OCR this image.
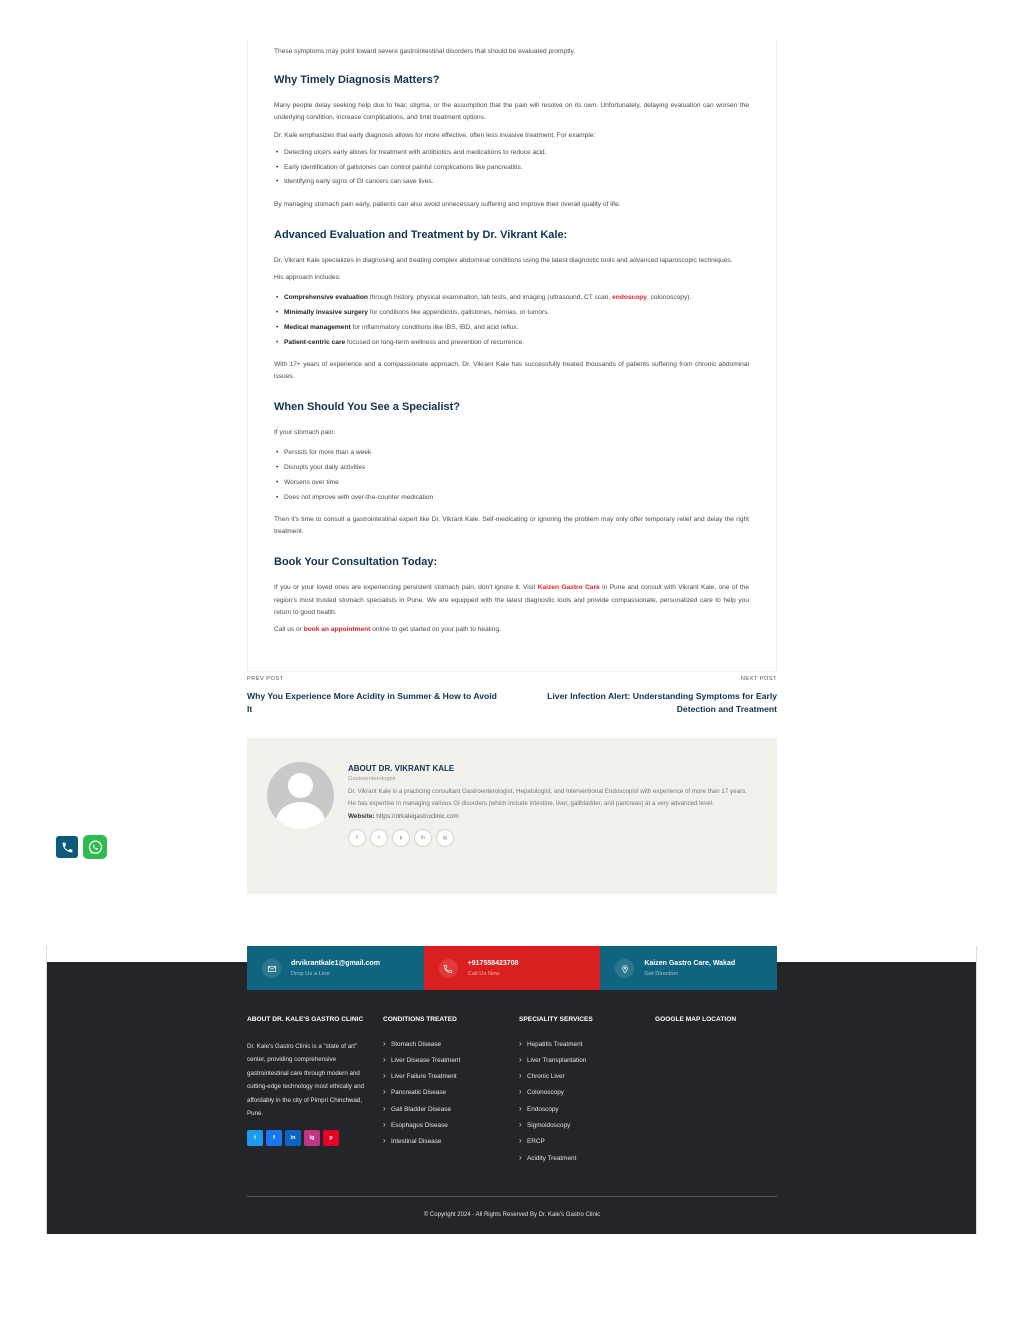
These symptoms may point toward severe gastrointestinal disorders that should be evaluated promptly.

Why Timely Diagnosis Matters?

Many people delay seeking help due to fear, stigma, or the assumption that the pain will resolve on its own. Unfortunately, delaying evaluation can worsen the underlying condition, increase complications, and limit treatment options.

Dr. Kale emphasizes that early diagnosis allows for more effective, often less invasive treatment. For example:

• Detecting ulcers early allows for treatment with antibiotics and medications to reduce acid.
• Early identification of gallstones can control painful complications like pancreatitis.
• Identifying early signs of GI cancers can save lives.

By managing stomach pain early, patients can also avoid unnecessary suffering and improve their overall quality of life.

Advanced Evaluation and Treatment by Dr. Vikrant Kale:

Dr. Vikrant Kale specializes in diagnosing and treating complex abdominal conditions using the latest diagnostic tools and advanced laparoscopic techniques.

His approach includes:

• Comprehensive evaluation through history, physical examination, lab tests, and imaging (ultrasound, CT scan, endoscopy, colonoscopy).
• Minimally invasive surgery for conditions like appendicitis, gallstones, hernias, or tumors.
• Medical management for inflammatory conditions like IBS, IBD, and acid reflux.
• Patient-centric care focused on long-term wellness and prevention of recurrence.

With 17+ years of experience and a compassionate approach, Dr. Vikrant Kale has successfully treated thousands of patients suffering from chronic abdominal issues.

When Should You See a Specialist?

If your stomach pain:

• Persists for more than a week
• Disrupts your daily activities
• Worsens over time
• Does not improve with over-the-counter medication

Then it's time to consult a gastrointestinal expert like Dr. Vikrant Kale. Self-medicating or ignoring the problem may only offer temporary relief and delay the right treatment.

Book Your Consultation Today:

If you or your loved ones are experiencing persistent stomach pain, don't ignore it. Visit Kaizen Gastro Care in Pune and consult with Vikrant Kale, one of the region's most trusted stomach specialists in Pune. We are equipped with the latest diagnostic tools and provide compassionate, personalized care to help you return to good health.

Call us or book an appointment online to get started on your path to healing.

PREV POST
Why You Experience More Acidity in Summer & How to Avoid It
NEXT POST
Liver Infection Alert: Understanding Symptoms for Early Detection and Treatment
ABOUT DR. VIKRANT KALE
Gastroenterologist
Dr. Vikrant Kale is a practicing consultant Gastroenterologist, Hepatologist, and Interventional Endoscopist with experience of more than 17 years. He has expertise in managing various GI disorders (which include intestine, liver, gallbladder, and pancreas) at a very advanced level.
Website: https://drkalegastroclinic.com
f	t	p	in	ig
drvikrantkale1@gmail.com
Drop Us a Line
+917558423708
Call Us Now
Kaizen Gastro Care, Wakad
Get Direction
ABOUT DR. KALE'S GASTRO CLINIC
Dr. Kale's Gastro Clinic is a "state of art" center, providing comprehensive gastrointestinal care through modern and cutting-edge technology most ethically and affordably in the city of Pimpri Chinchwad, Pune.
t	f	in	ig	p
CONDITIONS TREATED
› Stomach Disease
› Liver Disease Treatment
› Liver Failure Treatment
› Pancreatic Disease
› Gall Bladder Disease
› Esophagus Disease
› Intestinal Disease
SPECIALITY SERVICES
› Hepatitis Treatment
› Liver Transplantation
› Chronic Liver
› Colonoscopy
› Endoscopy
› Sigmoidoscopy
› ERCP
› Acidity Treatment
GOOGLE MAP LOCATION
© Copyright 2024 - All Rights Reserved By Dr. Kale's Gastro Clinic
